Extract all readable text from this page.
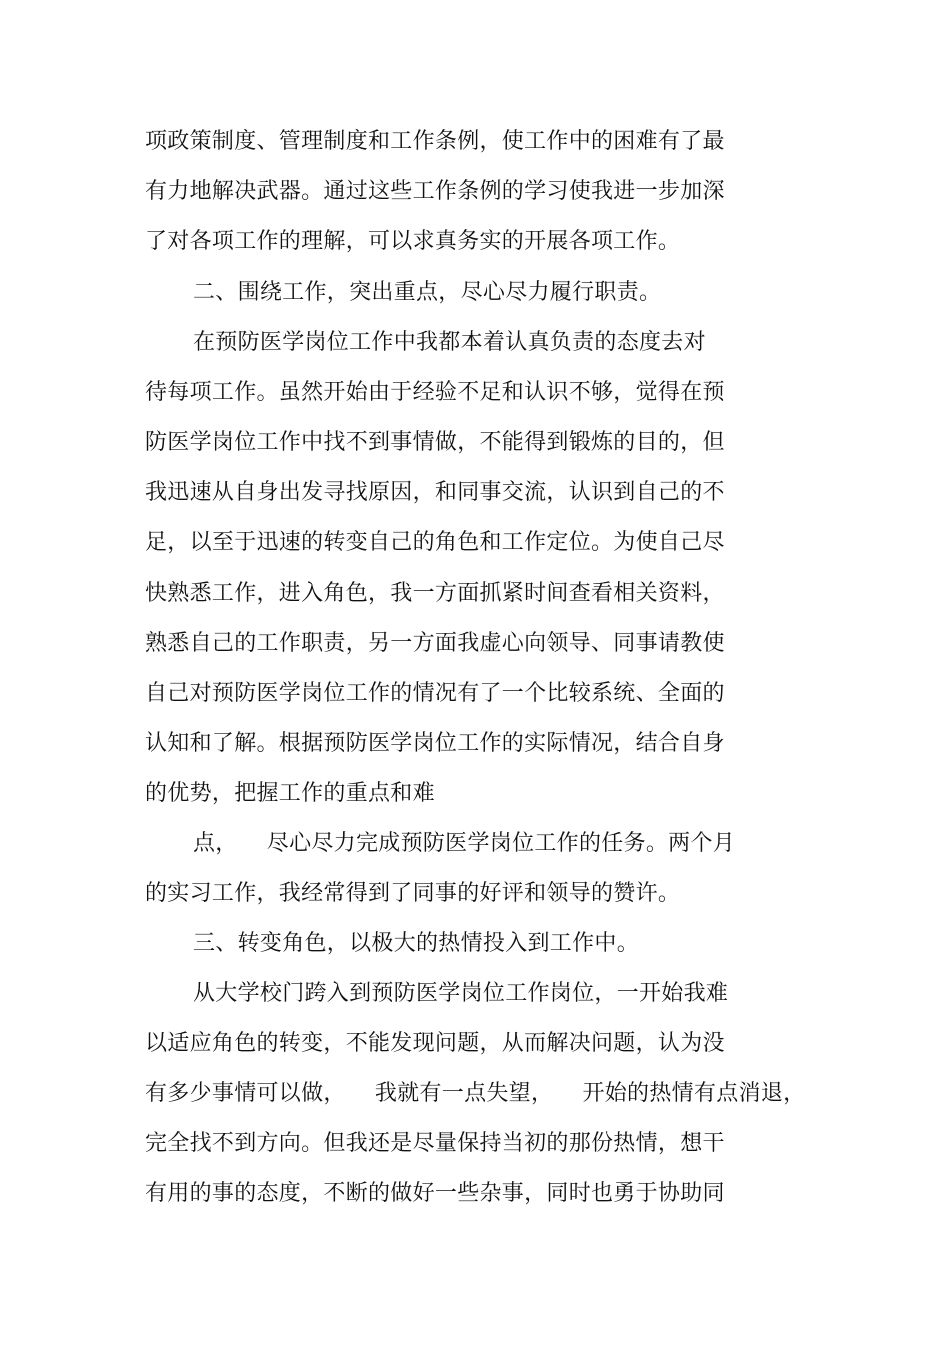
项政策制度、管理制度和工作条例，使工作中的困难有了最
有力地解决武器。通过这些工作条例的学习使我进一步加深
了对各项工作的理解，可以求真务实的开展各项工作。
二、围绕工作，突出重点，尽心尽力履行职责。
在预防医学岗位工作中我都本着认真负责的态度去对
待每项工作。虽然开始由于经验不足和认识不够，觉得在预
防医学岗位工作中找不到事情做，不能得到锻炼的目的，但
我迅速从自身出发寻找原因，和同事交流，认识到自己的不
足，以至于迅速的转变自己的角色和工作定位。为使自己尽
快熟悉工作，进入角色，我一方面抓紧时间查看相关资料，
熟悉自己的工作职责，另一方面我虚心向领导、同事请教使
自己对预防医学岗位工作的情况有了一个比较系统、全面的
认知和了解。根据预防医学岗位工作的实际情况，结合自身
的优势，把握工作的重点和难
点，    尽心尽力完成预防医学岗位工作的任务。两个月
的实习工作，我经常得到了同事的好评和领导的赞许。
三、转变角色，以极大的热情投入到工作中。
从大学校门跨入到预防医学岗位工作岗位，一开始我难
以适应角色的转变，不能发现问题，从而解决问题，认为没
有多少事情可以做，    我就有一点失望，    开始的热情有点消退，
完全找不到方向。但我还是尽量保持当初的那份热情，想干
有用的事的态度，不断的做好一些杂事，同时也勇于协助同
